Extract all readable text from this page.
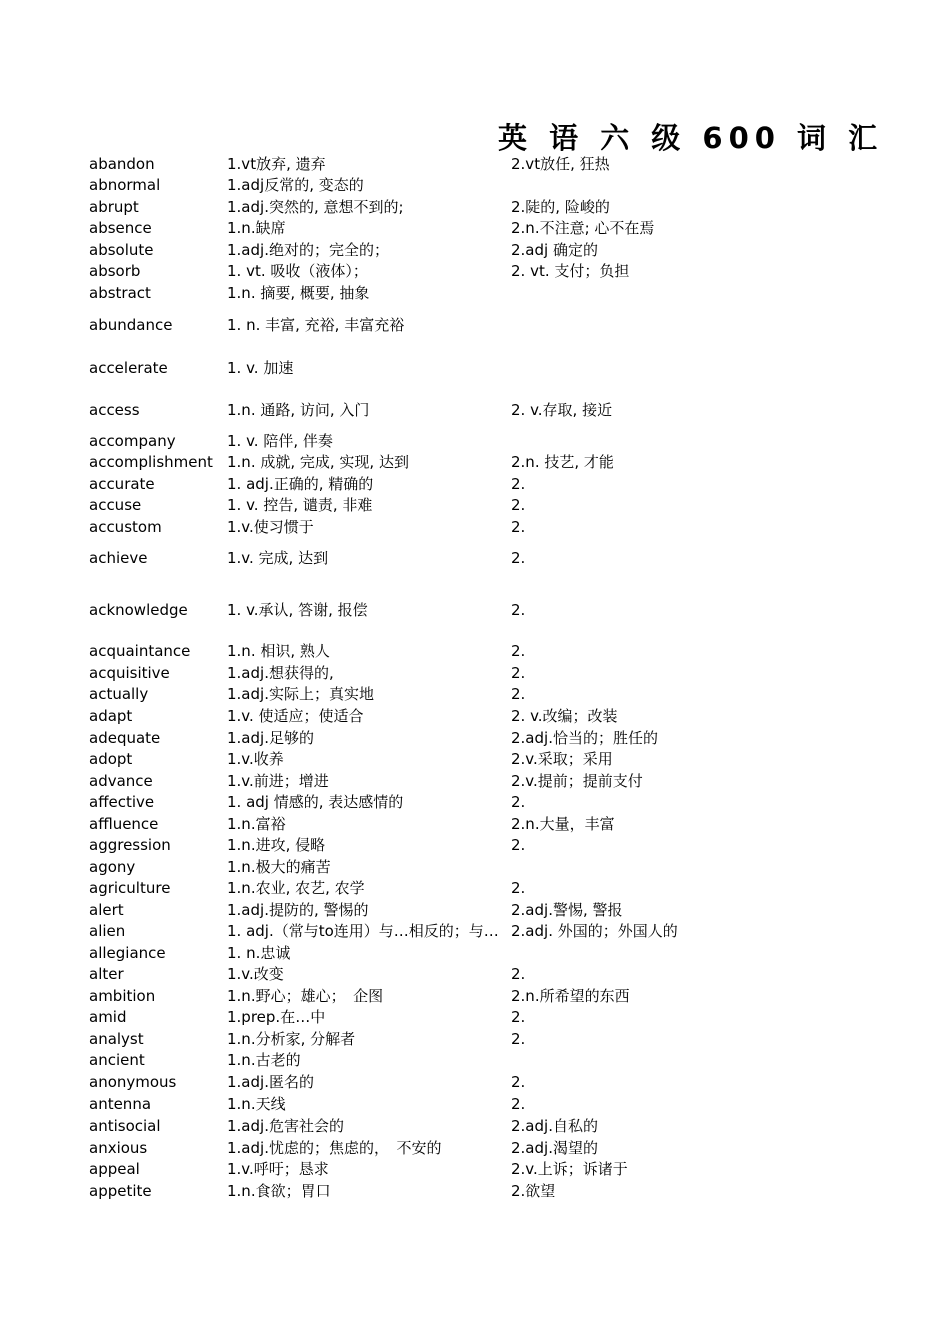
英 语 六 级 600 词 汇
abandon	1.vt放弃, 遗弃	2.vt放任, 狂热
abnormal	1.adj反常的, 变态的
abrupt	1.adj.突然的, 意想不到的;	2.陡的, 险峻的
absence	1.n.缺席	2.n.不注意; 心不在焉
absolute	1.adj.绝对的；完全的；	2.adj 确定的
absorb	1. vt. 吸收（液体）；	2. vt. 支付；负担
abstract	1.n. 摘要, 概要, 抽象
abundance	1. n. 丰富, 充裕, 丰富充裕
accelerate	1. v. 加速
access	1.n. 通路, 访问, 入门	2. v.存取, 接近
accompany	1. v. 陪伴, 伴奏
accomplishment 1.n. 成就, 完成, 实现, 达到	2.n. 技艺, 才能
accurate	1. adj.正确的, 精确的	2.
accuse	1. v. 控告, 谴责, 非难	2.
accustom	1.v.使习惯于	2.
achieve	1.v. 完成, 达到	2.
acknowledge	1. v.承认, 答谢, 报偿	2.
acquaintance 1.n. 相识, 熟人	2.
acquisitive	1.adj.想获得的,	2.
actually	1.adj.实际上；真实地	2.
adapt	1.v. 使适应；使适合	2. v.改编；改装
adequate	1.adj.足够的	2.adj.恰当的；胜任的
adopt	1.v.收养	2.v.采取；采用
advance	1.v.前进；增进	2.v.提前；提前支付
affective	1. adj 情感的, 表达感情的	2.
affluence	1.n.富裕	2.n.大量，丰富
aggression	1.n.进攻, 侵略	2.
agony	1.n.极大的痛苦
agriculture	1.n.农业, 农艺, 农学	2.
alert	1.adj.提防的, 警惕的	2.adj.警惕, 警报
alien	1. adj.（常与to连用）与…相反的；与… 2.adj. 外国的；外国人的
allegiance	1. n.忠诚
alter	1.v.改变	2.
ambition	1.n.野心；雄心；　企图	2.n.所希望的东西
amid	1.prep.在…中	2.
analyst	1.n.分析家, 分解者	2.
ancient	1.n.古老的
anonymous	1.adj.匿名的	2.
antenna	1.n.天线	2.
antisocial	1.adj.危害社会的	2.adj.自私的
anxious	1.adj.忧虑的；焦虑的，　不安的	2.adj.渴望的
appeal	1.v.呼吁；恳求	2.v.上诉；诉诸于
appetite	1.n.食欲；胃口	2.欲望
